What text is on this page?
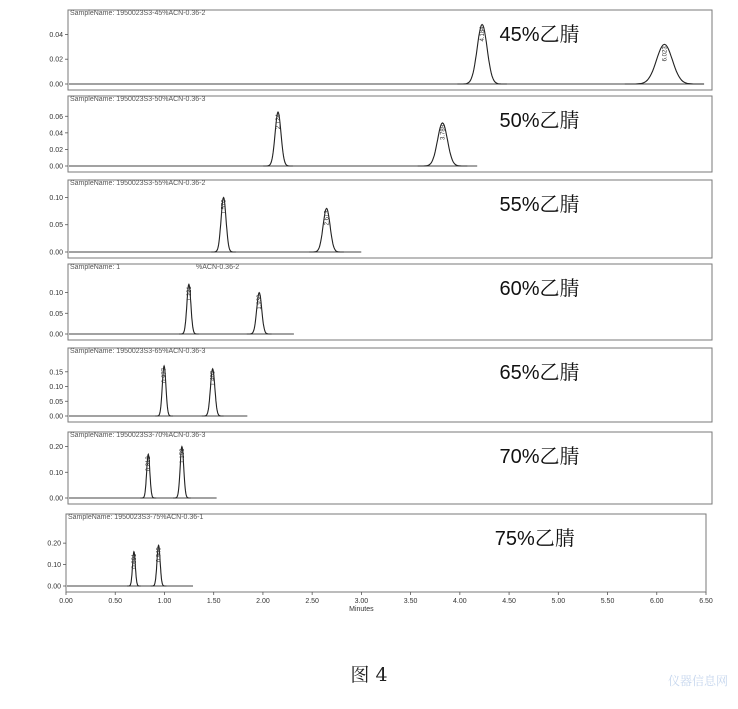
SampleName: 1950023S3-45%ACN-0.36-2
0.04
0.02
0.00
4.184
6.023
45%乙腈
SampleName: 1950023S3-50%ACN-0.36-3
0.06
0.04
0.02
0.00
2.124
3.789
50%乙腈
SampleName: 1950023S3-55%ACN-0.36-2
0.10
0.05
0.00
1.570
2.613
55%乙腈
SampleName: 1	%ACN-0.36-2
0.10
0.05
0.00
1.221
1.930
60%乙腈
SampleName: 1950023S3-65%ACN-0.36-3
0.15
0.10
0.05
0.00
0.977	1.463	65%乙腈
SampleName: 1950023S3-70%ACN-0.36-3
0.20
0.10
0.00
0.812
1.153	70%乙腈
SampleName: 1950023S3-75%ACN-0.36-1
0.20
0.10
0.00
0.691	0.940
75%乙腈
0.00	0.50	1.00	1.50	2.00	2.50	3.00	3.50	4.00	4.50	5.00	5.50	6.00	6.50
Minutes
图 4	仪器信息网
